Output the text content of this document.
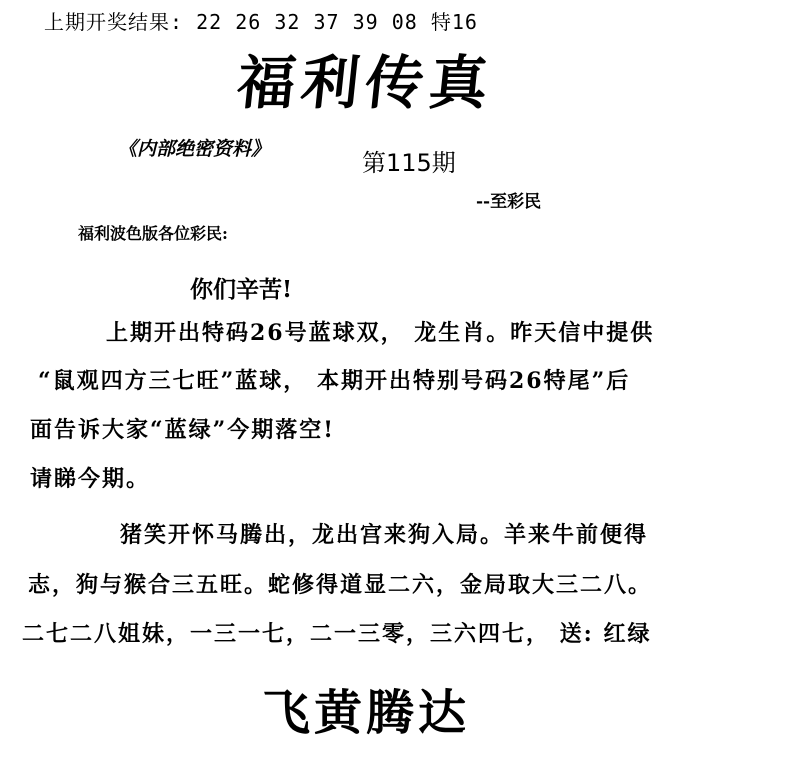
上期开奖结果: 22 26 32 37 39 08 特16
福利传真
《内部绝密资料》	第115期
--至彩民
福利波色版各位彩民:
你们辛苦!
上期开出特码26号蓝球双， 龙生肖。昨天信中提供
“鼠观四方三七旺”蓝球， 本期开出特别号码26特尾”后
面告诉大家“蓝绿”今期落空!
请睇今期。
猪笑开怀马腾出，龙出宫来狗入局。羊来牛前便得
志，狗与猴合三五旺。蛇修得道显二六，金局取大三二八。
二七二八姐妹，一三一七，二一三零，三六四七， 送: 红绿
飞黄腾达
